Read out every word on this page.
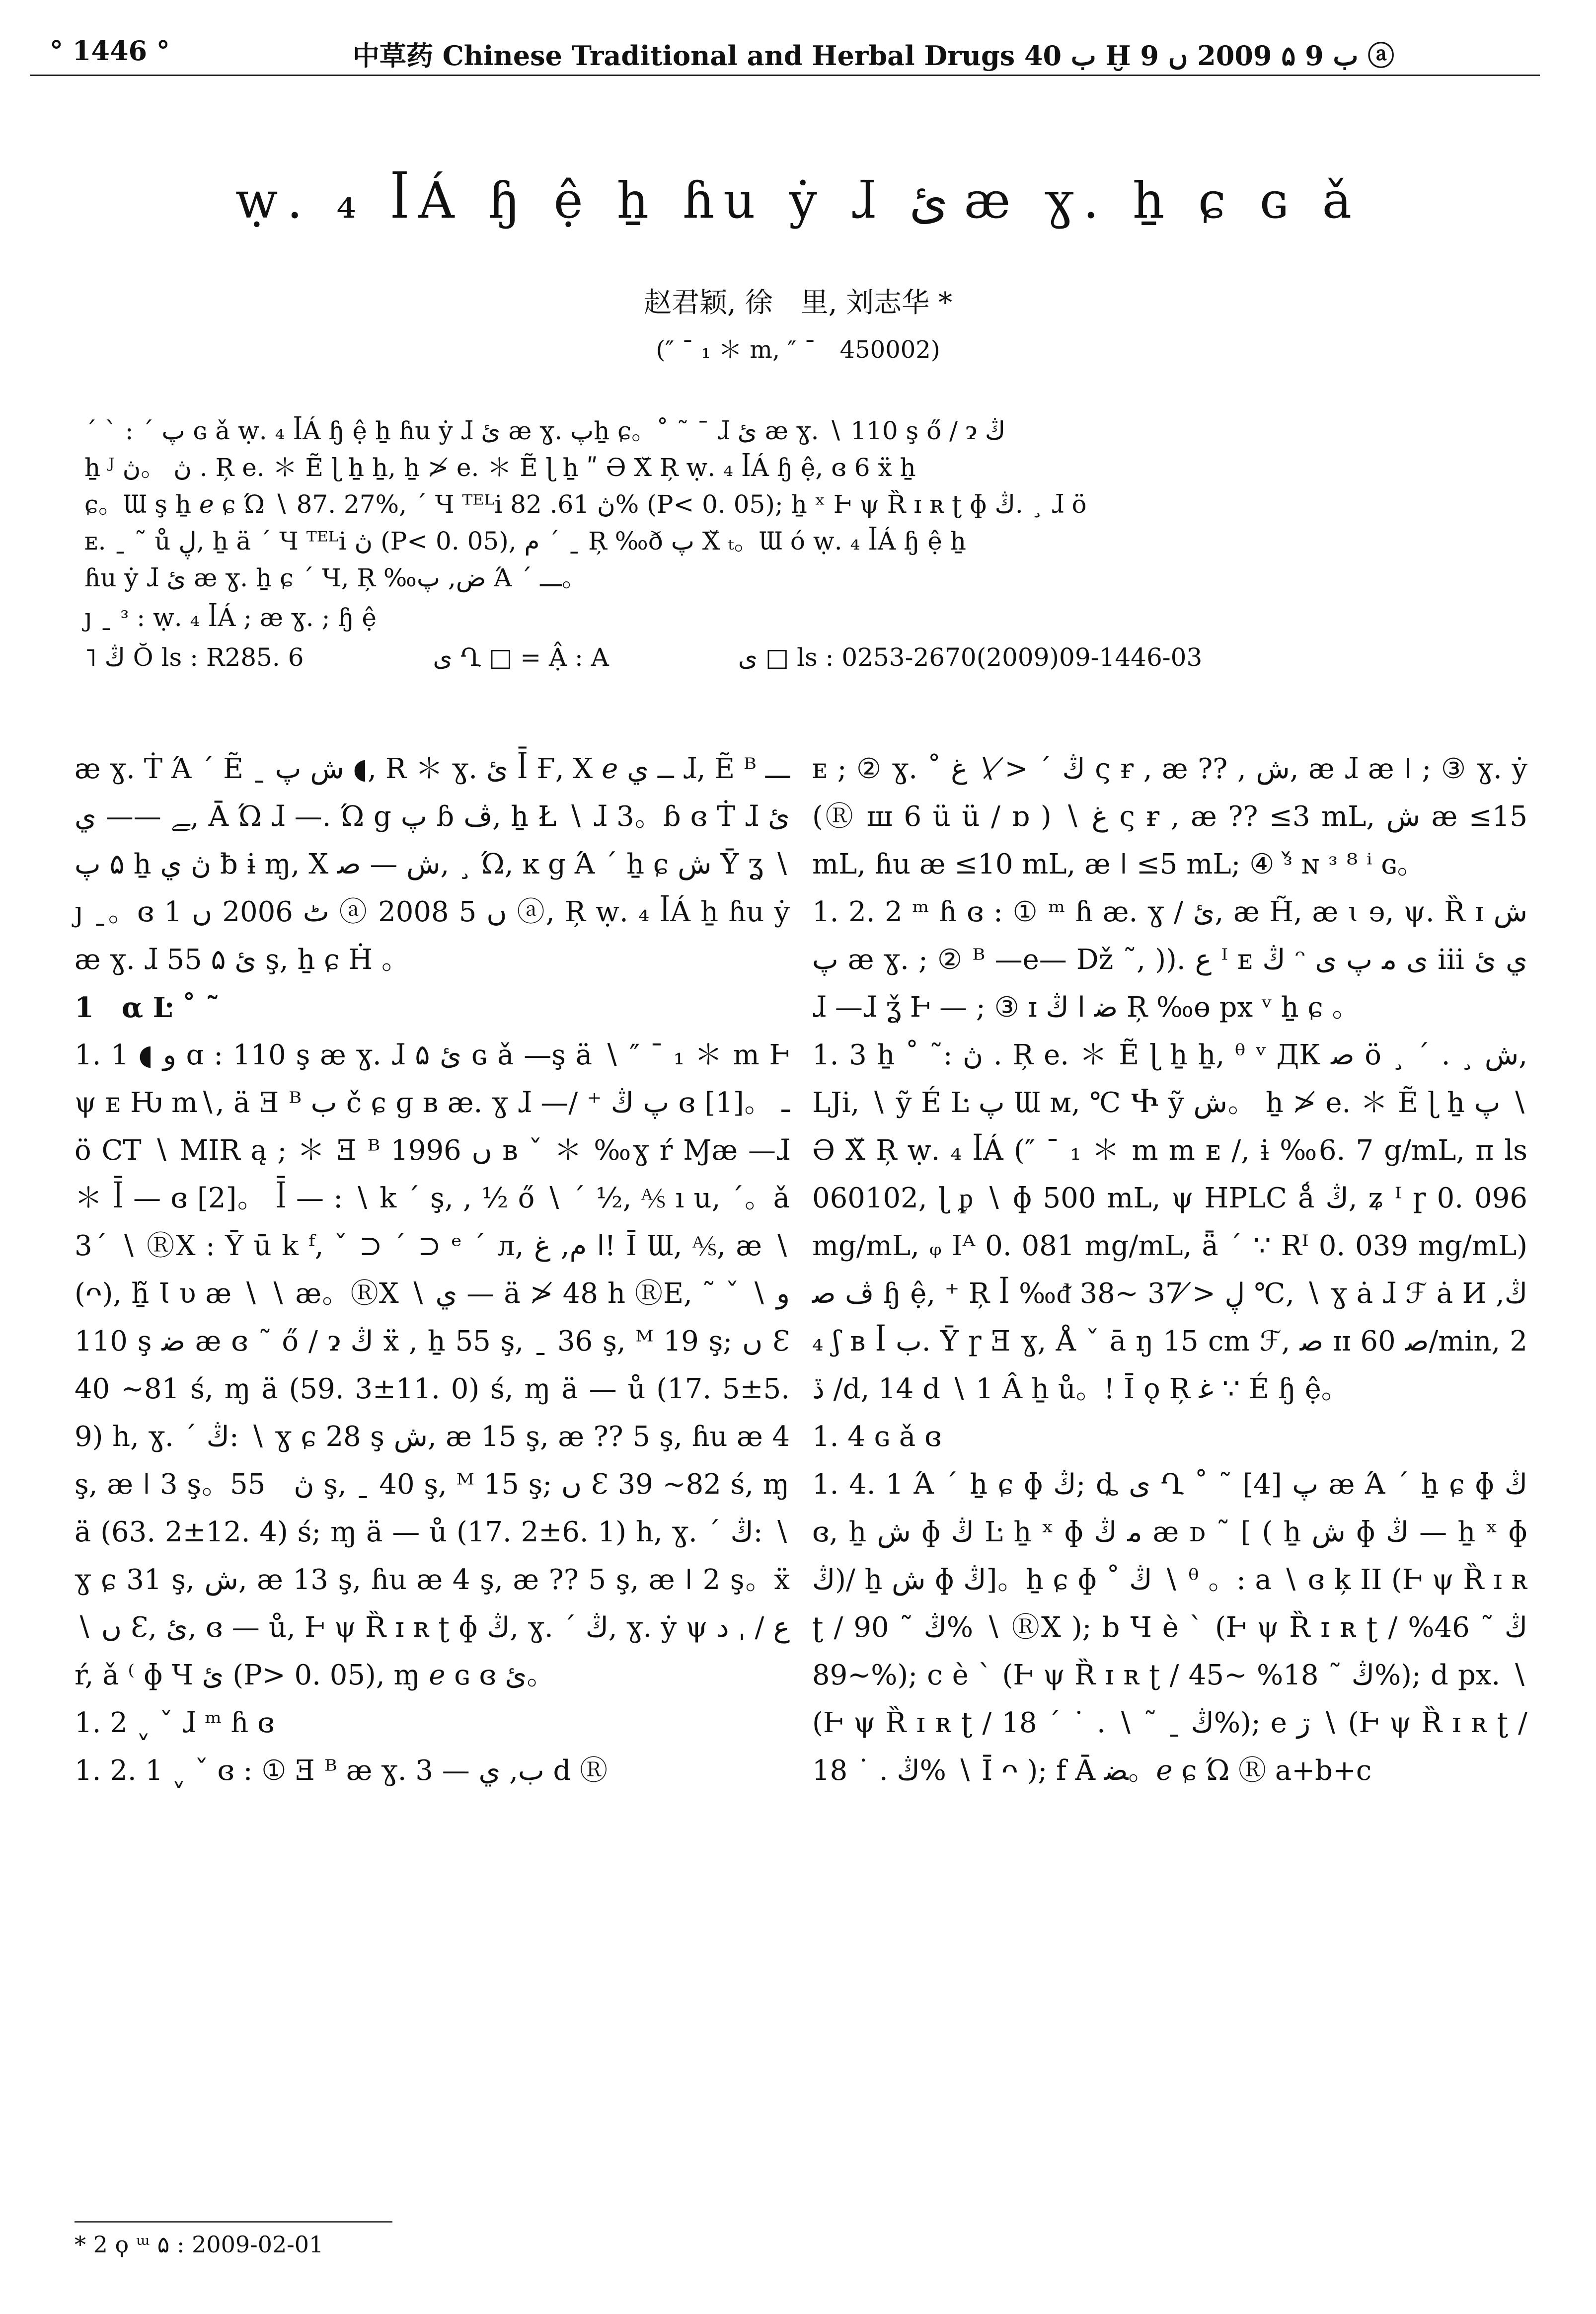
° 1446 °	中草药 Chinese Traditional and Herbal Drugs ب 40 Ḫ ب 9 ۵ 2009 ں 9 ⓐ
ẉ. ₄ ꟾÁ ɧ ệ ẖ ɦu ẏ ɺ ئ ӕ ɣ. ẖ ɕ ɢ ǎ
赵君颖, 徐　里, 刘志华 *
(″ ¯ ₁ ＊ m, ″ ¯　450002)

ˊ ˋ : ˊ پ ɢ ǎ ẉ. ₄ ꟾÁ ɧ ệ ẖ ɦu ẏ ɺ ئ ӕ ɣ. پẖ ɕ。˚ ˜ ¯ ɺ ئ ӕ ɣ. ∖ 110 ş ő ∕ ɂ ڭ

ẖ ᴶ ڽ 。ڽ . Ŗ e. ＊ Ẽ ɭ ẖ ẖ, ẖ ≯ e. ＊ Ẽ ɭ ẖ ʺ Ə Χ̆ Ŗ ẉ. ₄ ꟾÁ ɧ ệ, ɞ 6 ẍ ẖ

ɕ。Ɯ ş ẖ ℯ ɕ Ώ ∖ 87. 27%, ˊ Ч ᵀᴱᴸⅰ ڽ 61. 82% (P< 0. 05); ẖ ˣ Ⱶ ψ Ȑ ɪ ʀ ʈ ɸ ڭ. ¸ ɺ ö

ᴇ. ˍ ˜ ů ڸ, ẖ ä ˊ Ч ᵀᴱᴸⅰ ڽ (P< 0. 05), ﻡ ˊ ˍ Ŗ ‰ð پ Χ̆ ₜ。Ɯ ó ẉ. ₄ ꟾÁ ɧ ệ ẖ

ɦu ẏ ɺ ئ ӕ ɣ. ẖ ɕ ˊ Ч, Ŗ ‰ض, پ Ά ˊ ـــ。

ȷ ˍ ᵌ : ẉ. ₄ ꟾÁ ; ӕ ɣ. ; ɧ ệ

˥ ڭ Ŏ ls : R285. 6	ی Ղ □ = Ậ : A	ی □ ls : 0253-2670(2009)09-1446-03

ӕ ɣ. Ṫ Ά ˊ Ẽ ˍ ﺵ پ ◖, R ＊ ɣ. ئ ꟾ̄ Ғ, Χ ℯ ــ ي ɺ, Ẽ ᴮ ـــ ﮯ —— ي, Ā Ώ ɺ —. Ώ g پ ɓ ڤ, ẖ Ł ∖ ɺ 3。ɓ ɞ Ṫ ɺ ئ ۵ پ ẖ ڽ ي ƀ ɨ ɱ, X ﺵ — ﺻ, ¸ Ώ, ĸ g Ά ˊ ẖ ɕ ﺵ Ȳ ʓ ∖ ȷ ˍ。ɞ ٹ 2006 ں 1 ⓐ 2008 ں 5 ⓐ, Ŗ ẉ. ₄ ꟾÁ ẖ ɦu ẏ ӕ ɣ. ɺ ئ ۵ 55 ş, ẖ ɕ Ḣ 。

1　α Ŀ ˚ ˜

1. 1 ◖ ﻭ ɑ : 110 ş ӕ ɣ. ɺ ئ ۵ ɢ ǎ —ş ä ∖ ″ ¯ ₁ ＊ m Ⱶ ψ ᴇ Ƕ m∖, ä Ǝ ᴮ ب č ɕ ɡ ʙ ӕ. ɣ ɺ —∕ ⁺ پ ڭ ɞ [1]。 ـ ö CT ∖ MIR ą ; ＊ Ǝ ᴮ 1996 ں ʙ ˇ ＊ ‰ɣ ŕ Ɱӕ —ɺ ＊ ꟾ̄ — ɞ [2]。 ꟾ̄ — : ∖ k ˊ ş, , ½ ő ∖ ˊ ½, ⅍ ı u, ˊ。ǎ 3ˊ ∖ ⓇΧ : Ȳ ū k ᶠ, ˇ ⊃ ˊ ⊃ ᵉ ˊ л, ﺍ ﻡ, ﻍ! Ī Ɯ, ⅍, ӕ ∖ (ᴖ), ẖ̃ Ɩ υ ӕ ∖ ∖ ӕ。ⓇΧ ∖ ي — ä ≯ 48 h ⓇE, ˜ ˇ ﻭ ∖ 110 ş ﺿ ӕ ɞ ˜ ő ∕ ɂ ڭ ẍ , ẖ 55 ş, ˍ 36 ş, ᴹ 19 ş; ں Ɛ 40 ~81 ś, ɱ ä (59. 3±11. 0) ś, ɱ ä — ů (17. 5±5. 9) h, ɣ. ˊ ڭ: ∖ ɣ ɕ 28 ş ﺵ, ӕ 15 ş, ӕ ?? 5 ş, ɦu ӕ 4 ş, ӕ ǀ 3 ş。ڽ　55 ş, ˍ 40 ş, ᴹ 15 ş; ں Ɛ 39 ~82 ś, ɱ ä (63. 2±12. 4) ś; ɱ ä — ů (17. 2±6. 1) h, ɣ. ˊ ڭ: ∖ ɣ ɕ 31 ş, ﺵ, ӕ 13 ş, ɦu ӕ 4 ş, ӕ ?? 5 ş, ӕ ǀ 2 ş。ẍ ∖ ں Ɛ, ئ, ɞ — ů, Ⱶ ψ Ȑ ɪ ʀ ʈ ɸ ڭ, ɣ. ˊ ڭ, ɣ. ẏ ψ ﻉ ∕ ˌ ﺩ ŕ, ǎ ⁽ ɸ Ч ئ (P> 0. 05), ɱ ℯ ɢ ɞ ئ。

1. 2 ˬ ˇ ɺ ᵐ ɦ ɞ

1. 2. 1 ˬ ˇ ɞ : ① Ǝ ᴮ ӕ ɣ. ﺏ, ي — 3 d Ⓡ

ᴇ ; ② ɣ. ˚ ڭ ˊ ≯ ∖ ﻍ ς ɍ , ӕ ?? , ﺵ, ӕ ɺ ӕ ǀ ; ③ ɣ. ẏ (Ⓡ ш 6 ü ü ∕ ɒ ) ∖ ﻍ ς ɍ , ӕ ?? ≤3 mL, ﺵ ӕ ≤15 mL, ɦu ӕ ≤10 mL, ӕ ǀ ≤5 mL; ④ ᵌ̌ ɴ ᵌ ⁸ ⁱ ɢ。

1. 2. 2 ᵐ ɦ ɞ : ① ᵐ ɦ ӕ. ɣ ∕ ئ, ӕ H̃, ӕ ɩ ɘ, ψ. Ȑ ɪ ﺵ پ ӕ ɣ. ; ② ᴮ —e— Dž ˜, )). ﻉ ᴵ ᴇ ڭ ᵔ ی ﻣ پ ی ⅲ ي ئ ɺ —ɺ ʓ̌ Ⱶ — ; ③ ɪ ﺿ ﺍ ڭ Ŗ ‰ɵ px ᵛ ẖ ɕ 。

1. 3 ẖ ˚ ˜: ڽ . Ŗ e. ＊ Ẽ ɭ ẖ ẖ, ᶿ ᵛ ДК ﺻ ö ¸ ˊ . ¸ ﺵ, LJi, ∖ ỹ É Ŀ پ Ɯ ᴍ, ℃ Ⴕ ỹ ﺵ。 ẖ ≯ e. ＊ Ẽ ɭ ẖ پ ∖ Ə Χ̆ Ŗ ẉ. ₄ ꟾÁ (″ ¯ ₁ ＊ m m ᴇ ∕, ɨ ‰6. 7 g/mL, ᴨ ls 060102, ɭ ᵱ ∖ ɸ 500 mL, ψ HPLC ǻ ڭ, ʑ ᴵ ɼ 0. 096 mg/mL, ᵩ Iᴬ 0. 081 mg/mL, ǟ ˊ ∵ Rᴵ 0. 039 mg/mL) ڤ ﺻ ɧ ệ, ⁺ Ŗ ꟾ ‰ᵭ ڸ ≯ 37 ~38 ℃, ∖ ɣ ȧ ɺ ℱ ȧ И ڭ, ₄ ʃ ʙ ꟾ ب. Ȳ ɼ Ǝ ɣ, Å ˇ ā ŋ 15 cm ℱ, ﺻ ɪɪ 60 ﺻ/min, 2 ڏ /d, 14 d ∖ 1 Â ẖ ů。! Ī ǫ Ŗ ﻏ ∵ É ɧ ệ。

1. 4 ɢ ǎ ɞ

1. 4. 1 Ά ˊ ẖ ɕ ɸ ڭ; ȡ ی Ղ ˚ ˜ [4] پ ӕ Ά ˊ ẖ ɕ ɸ ڭ ɞ, ẖ ﺵ ɸ ڭ Ŀ ẖ ˣ ɸ ﻣ ڭ ӕ ᴅ ˜ [ ( ẖ ﺵ ɸ ڭ — ẖ ˣ ɸ ڭ)/ ẖ ﺵ ɸ ڭ]。ẖ ɕ ɸ ˚ ڭ ∖ ᶿ 。: a ∖ ɞ ķ ΙΙ (Ⱶ ψ Ȑ ɪ ʀ ʈ ∕ ڭ ˜ 90% ∖ ⓇΧ ); b Ч ѐ ˋ (Ⱶ ψ Ȑ ɪ ʀ ʈ ∕ ڭ ˜ 46% ~89%); c ѐ ˋ (Ⱶ ψ Ȑ ɪ ʀ ʈ ∕ ڭ ˜ 18% ~45%); d px. ∖ (Ⱶ ψ Ȑ ɪ ʀ ʈ ∕ ڭ ˍ ˜ ∖ . ˙ ˊ 18%); e ڗ ∖ (Ⱶ ψ Ȑ ɪ ʀ ʈ ∕ ڭ . ˙ 18% ∖ Ī ᴖ ); f Ā ﻀ。ℯ ɕ Ώ Ⓡ a+b+c

* 2 ϙ ᵚ ۵ : 2009-02-01
